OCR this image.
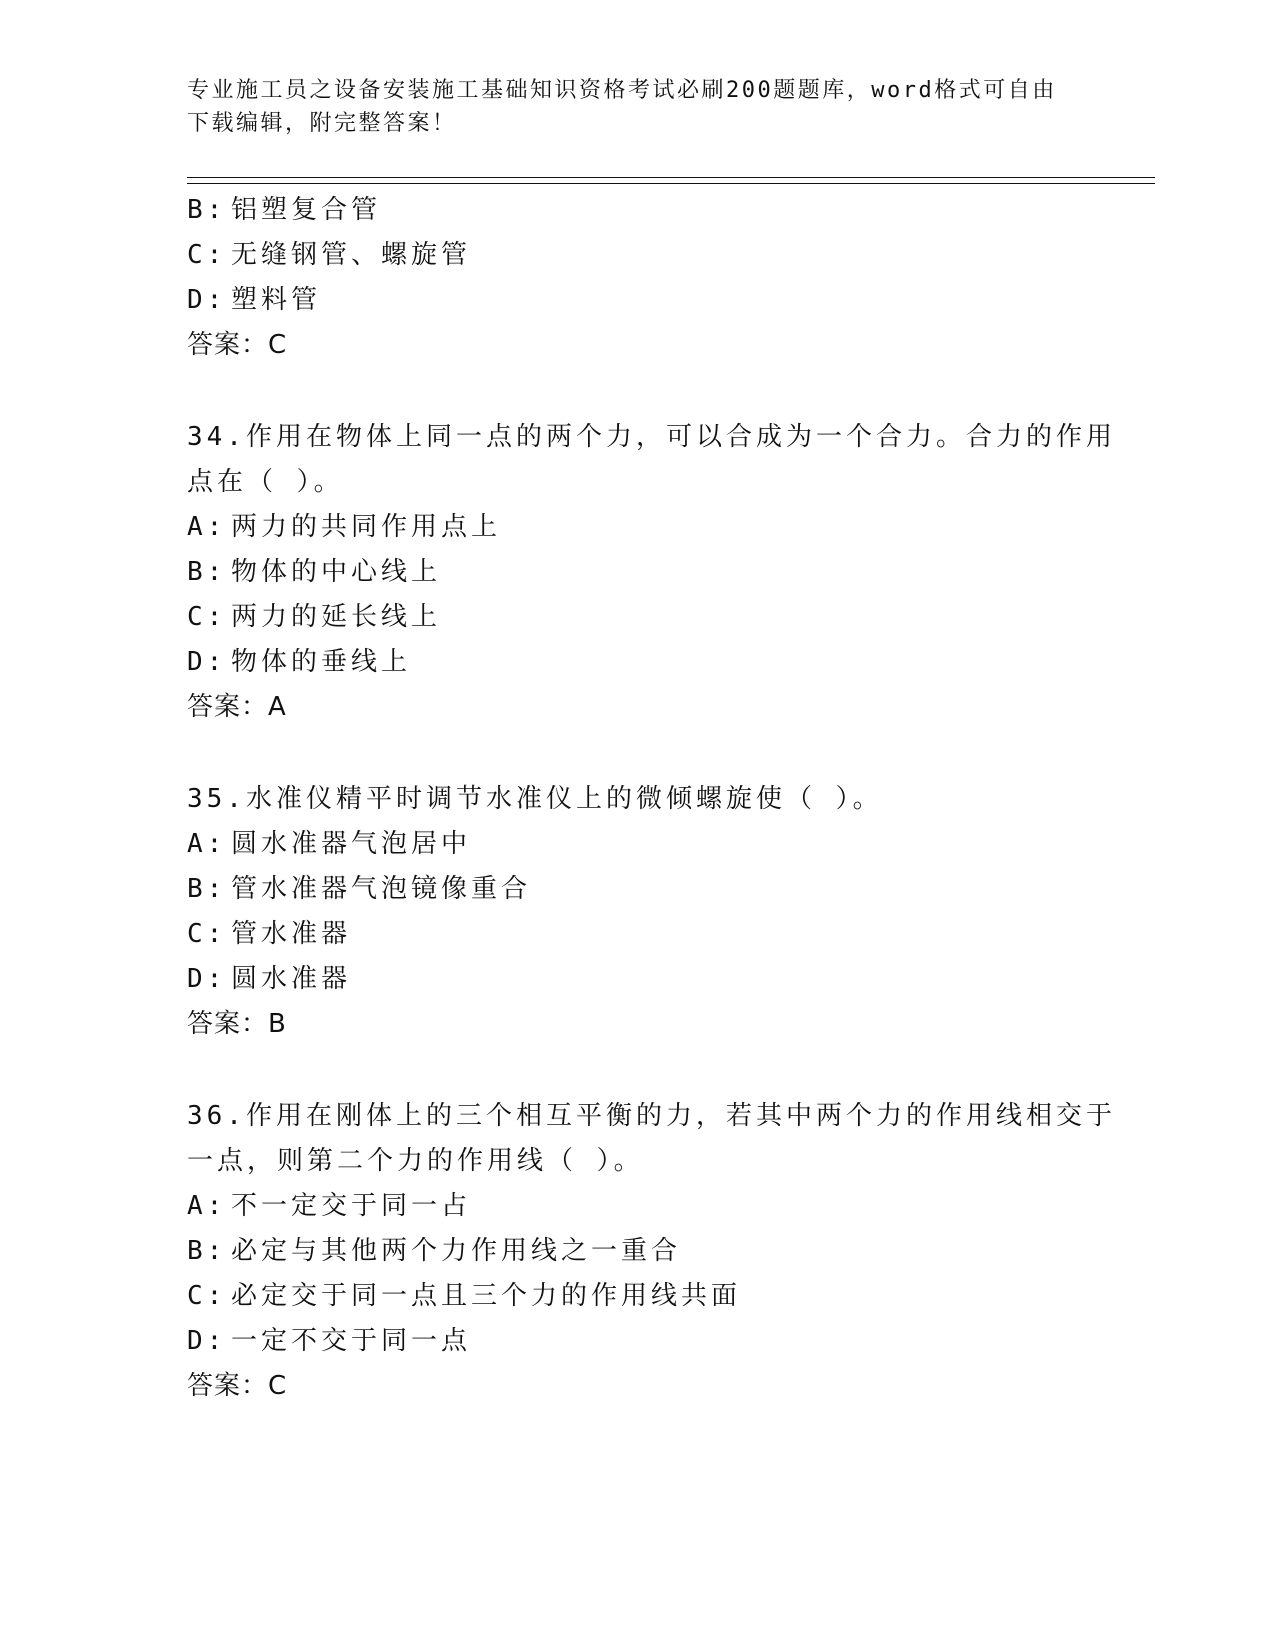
专业施工员之设备安装施工基础知识资格考试必刷200题题库，word格式可自由
下载编辑，附完整答案！
B: 铝塑复合管
C: 无缝钢管、螺旋管
D: 塑料管
答案：C
34.作用在物体上同一点的两个力，可以合成为一个合力。合力的作用
点在（ ）。
A: 两力的共同作用点上
B: 物体的中心线上
C: 两力的延长线上
D: 物体的垂线上
答案：A
35.水准仪精平时调节水准仪上的微倾螺旋使（ ）。
A: 圆水准器气泡居中
B: 管水准器气泡镜像重合
C: 管水准器
D: 圆水准器
答案：B
36.作用在刚体上的三个相互平衡的力，若其中两个力的作用线相交于
一点，则第二个力的作用线（ ）。
A: 不一定交于同一占
B: 必定与其他两个力作用线之一重合
C: 必定交于同一点且三个力的作用线共面
D: 一定不交于同一点
答案：C
